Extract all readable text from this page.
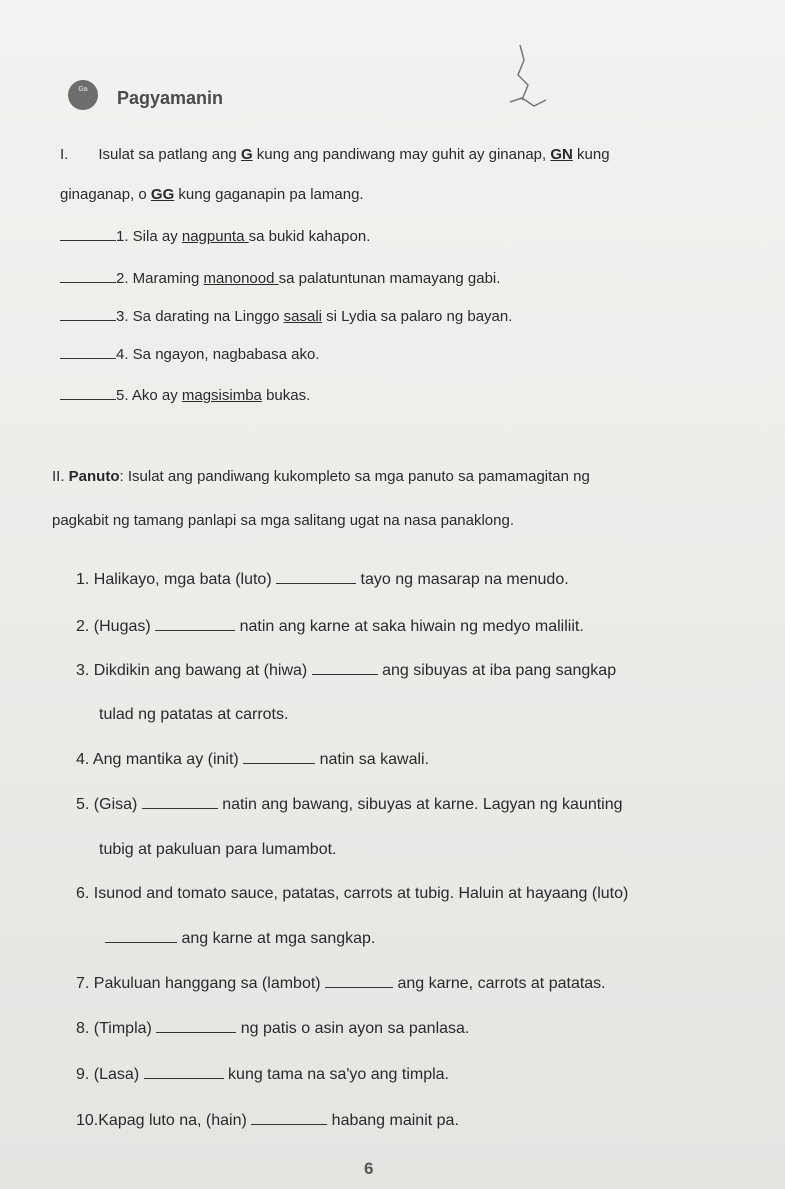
Ga	Pagyamanin
I. Isulat sa patlang ang G kung ang pandiwang may guhit ay ginanap, GN kung
ginaganap, o GG kung gaganapin pa lamang.
1. Sila ay nagpunta sa bukid kahapon.
2. Maraming manonood sa palatuntunan mamayang gabi.
3. Sa darating na Linggo sasali si Lydia sa palaro ng bayan.
4. Sa ngayon, nagbabasa ako.
5. Ako ay magsisimba bukas.
II. Panuto: Isulat ang pandiwang kukompleto sa mga panuto sa pamamagitan ng
pagkabit ng tamang panlapi sa mga salitang ugat na nasa panaklong.
1. Halikayo, mga bata (luto)	tayo ng masarap na menudo.
2. (Hugas)	natin ang karne at saka hiwain ng medyo maliliit.
3. Dikdikin ang bawang at (hiwa)	ang sibuyas at iba pang sangkap
tulad ng patatas at carrots.
4. Ang mantika ay (init)	natin sa kawali.
5. (Gisa)	natin ang bawang, sibuyas at karne. Lagyan ng kaunting
tubig at pakuluan para lumambot.
6. Isunod and tomato sauce, patatas, carrots at tubig. Haluin at hayaang (luto)
ang karne at mga sangkap.
7. Pakuluan hanggang sa (lambot)	ang karne, carrots at patatas.
8. (Timpla)	ng patis o asin ayon sa panlasa.
9. (Lasa)	kung tama na sa'yo ang timpla.
10.Kapag luto na, (hain)	habang mainit pa.
6
